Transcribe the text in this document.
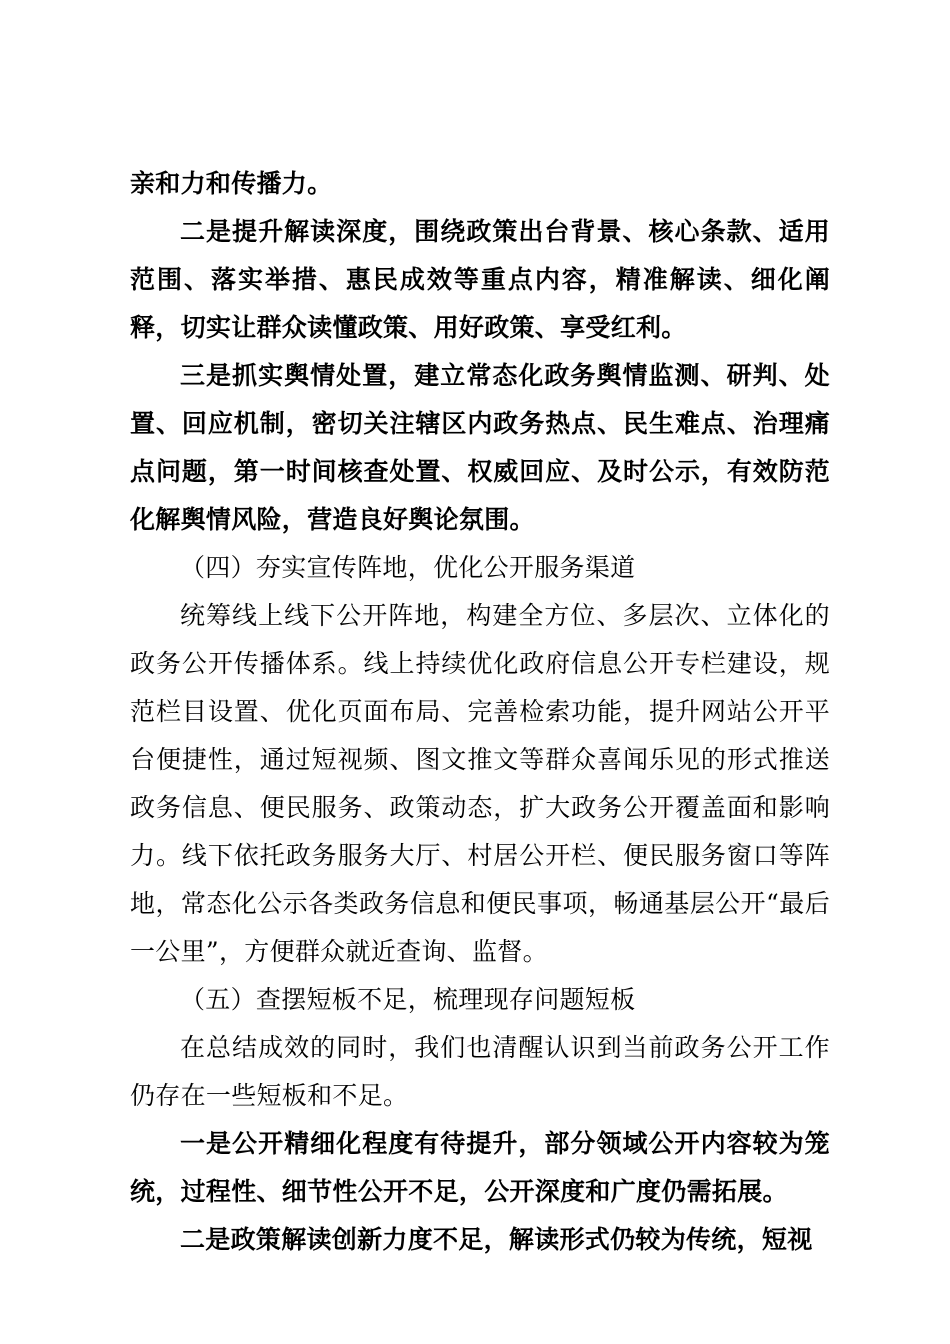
亲和力和传播力。

二是提升解读深度，围绕政策出台背景、核心条款、适用范围、落实举措、惠民成效等重点内容，精准解读、细化阐释，切实让群众读懂政策、用好政策、享受红利。

三是抓实舆情处置，建立常态化政务舆情监测、研判、处置、回应机制，密切关注辖区内政务热点、民生难点、治理痛点问题，第一时间核查处置、权威回应、及时公示，有效防范化解舆情风险，营造良好舆论氛围。

（四）夯实宣传阵地，优化公开服务渠道

统筹线上线下公开阵地，构建全方位、多层次、立体化的政务公开传播体系。线上持续优化政府信息公开专栏建设，规范栏目设置、优化页面布局、完善检索功能，提升网站公开平台便捷性，通过短视频、图文推文等群众喜闻乐见的形式推送政务信息、便民服务、政策动态，扩大政务公开覆盖面和影响力。线下依托政务服务大厅、村居公开栏、便民服务窗口等阵地，常态化公示各类政务信息和便民事项，畅通基层公开“最后一公里”，方便群众就近查询、监督。

（五）查摆短板不足，梳理现存问题短板

在总结成效的同时，我们也清醒认识到当前政务公开工作仍存在一些短板和不足。

一是公开精细化程度有待提升，部分领域公开内容较为笼统，过程性、细节性公开不足，公开深度和广度仍需拓展。

二是政策解读创新力度不足，解读形式仍较为传统，短视
